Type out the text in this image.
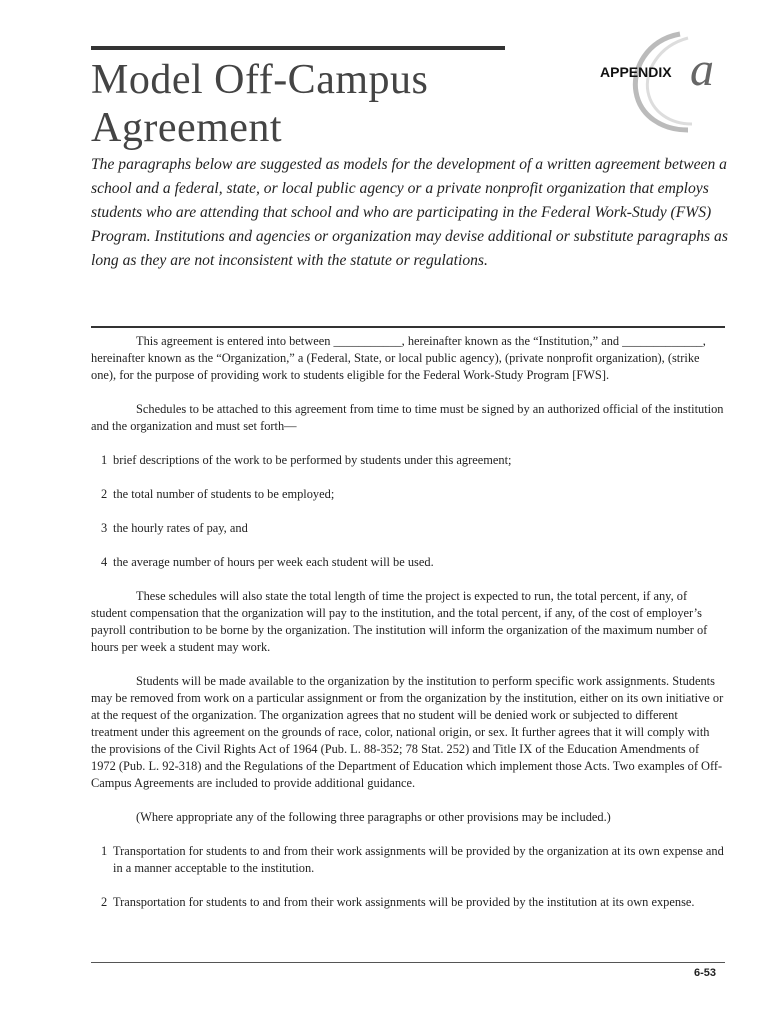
Model Off-Campus
Agreement
APPENDIX a
The paragraphs below are suggested as models for the development of a written agreement between a school and a federal, state, or local public agency or a private nonprofit organization that employs students who are attending that school and who are participating in the Federal Work-Study (FWS) Program. Institutions and agencies or organization may devise additional or substitute paragraphs as long as they are not inconsistent with the statute or regulations.

This agreement is entered into between ___________, hereinafter known as the “Institution,” and _____________, hereinafter known as the “Organization,” a (Federal, State, or local public agency), (private nonprofit organization), (strike one), for the purpose of providing work to students eligible for the Federal Work-Study Program [FWS].

Schedules to be attached to this agreement from time to time must be signed by an authorized official of the institution and the organization and must set forth—

1 brief descriptions of the work to be performed by students under this agreement;

2 the total number of students to be employed;

3 the hourly rates of pay, and

4 the average number of hours per week each student will be used.

These schedules will also state the total length of time the project is expected to run, the total percent, if any, of student compensation that the organization will pay to the institution, and the total percent, if any, of the cost of employer’s payroll contribution to be borne by the organization. The institution will inform the organization of the maximum number of hours per week a student may work.

Students will be made available to the organization by the institution to perform specific work assignments. Students may be removed from work on a particular assignment or from the organization by the institution, either on its own initiative or at the request of the organization. The organization agrees that no student will be denied work or subjected to different treatment under this agreement on the grounds of race, color, national origin, or sex. It further agrees that it will comply with the provisions of the Civil Rights Act of 1964 (Pub. L. 88-352; 78 Stat. 252) and Title IX of the Education Amendments of 1972 (Pub. L. 92-318) and the Regulations of the Department of Education which implement those Acts. Two examples of Off-Campus Agreements are included to provide additional guidance.

(Where appropriate any of the following three paragraphs or other provisions may be included.)

1 Transportation for students to and from their work assignments will be provided by the organization at its own expense and in a manner acceptable to the institution.

2 Transportation for students to and from their work assignments will be provided by the institution at its own expense.

6-53
